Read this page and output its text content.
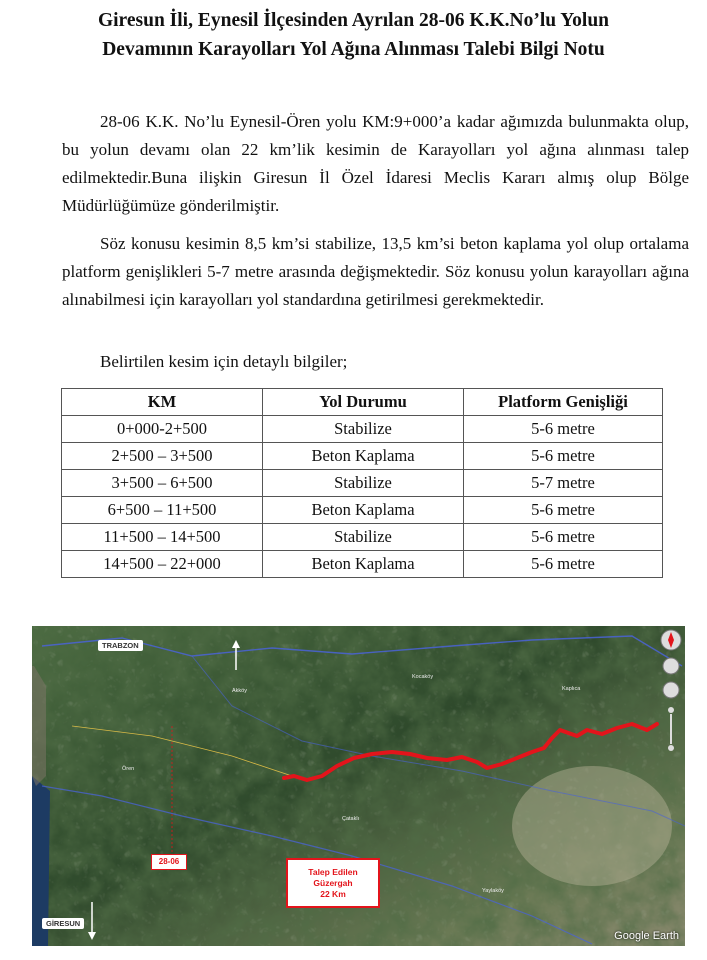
Giresun İli, Eynesil İlçesinden Ayrılan 28-06 K.K.No’lu Yolun
Devamının Karayolları Yol Ağına Alınması Talebi Bilgi Notu

28-06 K.K. No’lu Eynesil-Ören yolu KM:9+000’a kadar ağımızda bulunmakta olup, bu yolun devamı olan 22 km’lik kesimin de Karayolları yol ağına alınması talep edilmektedir.Buna ilişkin Giresun İl Özel İdaresi Meclis Kararı almış olup Bölge Müdürlüğümüze gönderilmiştir.

Söz konusu kesimin 8,5 km’si stabilize, 13,5 km’si beton kaplama yol olup ortalama platform genişlikleri 5-7 metre arasında değişmektedir. Söz konusu yolun karayolları ağına alınabilmesi için karayolları yol standardına getirilmesi gerekmektedir.

Belirtilen kesim için detaylı bilgiler;
KM	Yol Durumu	Platform Genişliği
0+000-2+500	Stabilize	5-6 metre
2+500 – 3+500	Beton Kaplama	5-6 metre
3+500 – 6+500	Stabilize	5-7 metre
6+500 – 11+500	Beton Kaplama	5-6 metre
11+500 – 14+500	Stabilize	5-6 metre
14+500 – 22+000	Beton Kaplama	5-6 metre
TRABZON
GİRESUN
28-06
Talep Edilen
Güzergah
22 Km
Ören
Kocaköy
Akköy
Yaylaköy
Çataklı
Kaplıca
Google Earth
